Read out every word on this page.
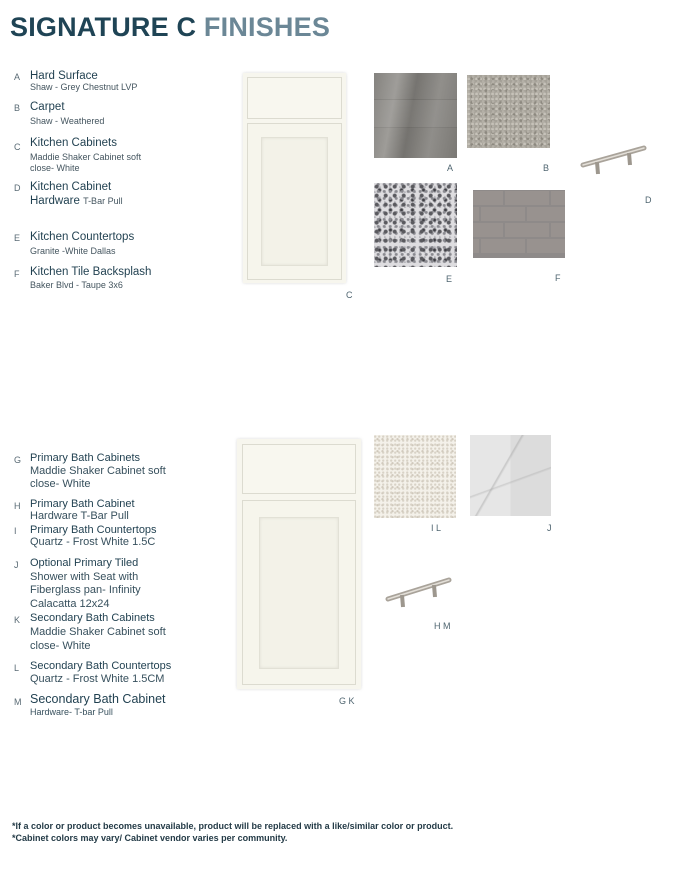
SIGNATURE C FINISHES
A Hard Surface
Shaw - Grey Chestnut LVP
B Carpet
Shaw - Weathered
C Kitchen Cabinets
Maddie Shaker Cabinet soft
close- White
D Kitchen Cabinet
Hardware T-Bar Pull
E Kitchen Countertops
Granite -White Dallas
F Kitchen Tile Backsplash
Baker Blvd - Taupe 3x6
C
A	B
D
E	F
G Primary Bath Cabinets
Maddie Shaker Cabinet soft
close- White
H Primary Bath Cabinet
Hardware T-Bar Pull
I Primary Bath Countertops
Quartz - Frost White 1.5C
J Optional Primary Tiled
Shower with Seat with
Fiberglass pan- Infinity
Calacatta 12x24
K Secondary Bath Cabinets
Maddie Shaker Cabinet soft
close- White
L Secondary Bath Countertops
Quartz - Frost White 1.5CM
M Secondary Bath Cabinet
Hardware- T-bar Pull
G K
I L	J
H M
*If a color or product becomes unavailable, product will be replaced with a like/similar color or product.
*Cabinet colors may vary/ Cabinet vendor varies per community.
